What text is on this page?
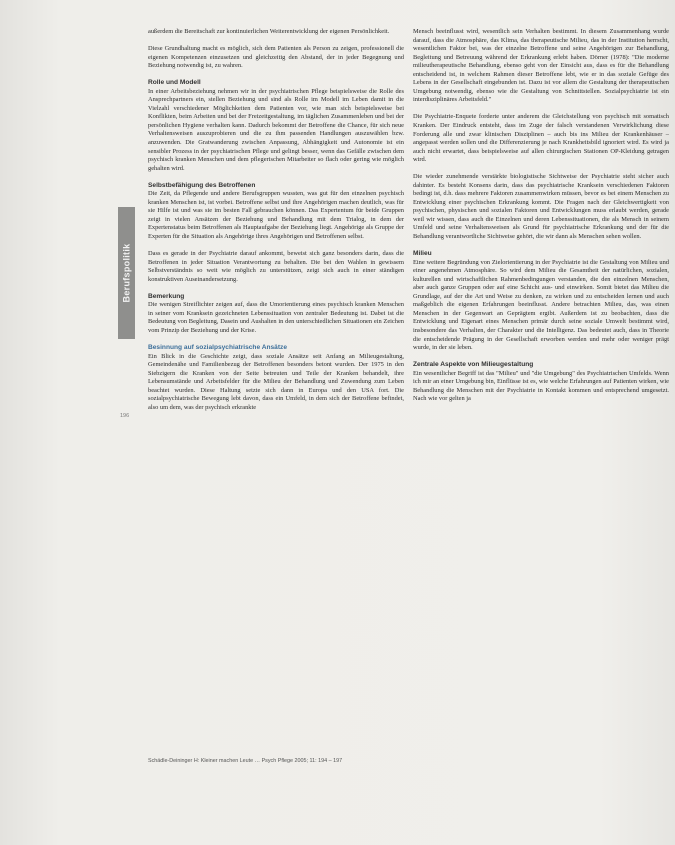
Berufspolitik
196

außerdem die Bereitschaft zur kontinuierlichen Weiterentwicklung der eigenen Persönlichkeit.

Diese Grundhaltung macht es möglich, sich dem Patienten als Person zu zeigen, professionell die eigenen Kompetenzen einzusetzen und gleichzeitig den Abstand, der in jeder Begegnung und Beziehung notwendig ist, zu wahren.

Rolle und Modell

In einer Arbeitsbeziehung nehmen wir in der psychiatrischen Pflege beispielsweise die Rolle des Ansprechpartners ein, stellen Beziehung und sind als Rolle im Modell im Leben damit in die Vielzahl verschiedener Möglichkeiten dem Patienten vor, wie man sich beispielsweise bei Konflikten, beim Arbeiten und bei der Freizeitgestaltung, im täglichen Zusammenleben und bei der persönlichen Hygiene verhalten kann. Dadurch bekommt der Betroffene die Chance, für sich neue Verhaltensweisen auszuprobieren und die zu ihm passenden Handlungen auszuwählen bzw. anzuwenden. Die Gratwanderung zwischen Anpassung, Abhängigkeit und Autonomie ist ein sensibler Prozess in der psychiatrischen Pflege und gelingt besser, wenn das Gefälle zwischen dem psychisch kranken Menschen und dem pflegerischen Mitarbeiter so flach oder gering wie möglich gehalten wird.

Selbstbefähigung des Betroffenen

Die Zeit, da Pflegende und andere Berufsgruppen wussten, was gut für den einzelnen psychisch kranken Menschen ist, ist vorbei. Betroffene selbst und ihre Angehörigen machen deutlich, was für sie Hilfe ist und was sie im besten Fall gebrauchen können. Das Expertentum für beide Gruppen zeigt in vielen Ansätzen der Beziehung und Behandlung mit dem Trialog, in dem der Expertenstatus beim Betroffenen als Hauptaufgabe der Beziehung liegt. Angehörige als Gruppe der Experten für die Situation als Angehörige ihres Angehörigen und Betroffenen selbst.

Dass es gerade in der Psychiatrie darauf ankommt, beweist sich ganz besonders darin, dass die Betroffenen in jeder Situation Verantwortung zu behalten. Die bei den Wahlen in gewissem Selbstverständnis so weit wie möglich zu unterstützen, zeigt sich auch in einer ständigen konstruktiven Auseinandersetzung.

Bemerkung

Die wenigen Streiflichter zeigen auf, dass die Umorientierung eines psychisch kranken Menschen in seiner vom Kranksein gezeichneten Lebenssituation von zentraler Bedeutung ist. Dabei ist die Bedeutung von Begleitung, Dasein und Aushalten in den unterschiedlichen Situationen ein Zeichen vom Prinzip der Beziehung und der Krise.

Besinnung auf sozialpsychiatrische Ansätze

Ein Blick in die Geschichte zeigt, dass soziale Ansätze seit Anfang an Milieugestaltung, Gemeindenähe und Familienbezug der Betroffenen besonders betont wurden. Der 1975 in den Siebzigern die Kranken von der Seite betreuten und Teile der Kranken behandelt, ihre Lebensumstände und Arbeitsfelder für die Milieu der Behandlung und Zuwendung zum Leben beachtet wurden. Diese Haltung setzte sich dann in Europa und den USA fort. Die sozialpsychiatrische Bewegung lebt davon, dass ein Umfeld, in dem sich der Betroffene befindet, also um dem, was der psychisch erkrankte

Mensch beeinflusst wird, wesentlich sein Verhalten bestimmt. In diesem Zusammenhang wurde darauf, dass die Atmosphäre, das Klima, das therapeutische Milieu, das in der Institution herrscht, wesentlichen Faktor bei, was der einzelne Betroffene und seine Angehörigen zur Behandlung, Begleitung und Betreuung während der Erkrankung erlebt haben. Dörner (1978): "Die moderne milieutherapeutische Behandlung, ebenso geht von der Einsicht aus, dass es für die Behandlung entscheidend ist, in welchem Rahmen dieser Betroffene lebt, wie er in das soziale Gefüge des Lebens in der Gesellschaft eingebunden ist. Dazu ist vor allem die Gestaltung der therapeutischen Umgebung notwendig, ebenso wie die Gestaltung von Schnittstellen. Sozialpsychiatrie ist ein interdisziplinäres Arbeitsfeld."

Die Psychiatrie-Enquete forderte unter anderem die Gleichstellung von psychisch mit somatisch Kranken. Der Eindruck entsteht, dass im Zuge der falsch verstandenen Verwirklichung diese Forderung alle und zwar klinischen Disziplinen – auch bis ins Milieu der Krankenhäuser – angepasst werden sollen und die Differenzierung je nach Krankheitsbild ignoriert wird. Es wird ja auch nicht erwartet, dass beispielsweise auf allen chirurgischen Stationen OP-Kleidung getragen wird.

Die wieder zunehmende verstärkte biologistische Sichtweise der Psychiatrie steht sicher auch dahinter. Es besteht Konsens darin, dass das psychiatrische Kranksein verschiedenen Faktoren bedingt ist, d.h. dass mehrere Faktoren zusammenwirken müssen, bevor es bei einem Menschen zu Entwicklung einer psychischen Erkrankung kommt. Die Fragen nach der Gleichwertigkeit von psychischen, physischen und sozialen Faktoren und Entwicklungen muss erlaubt werden, gerade weil wir wissen, dass auch die Einzelnen und deren Lebenssituationen, die als Mensch in seinem Umfeld und seine Verhaltensweisen als Grund für psychiatrische Erkrankung und der für die Behandlung verantwortliche Sichtweise gehört, die wir dann als Menschen sehen wollen.

Milieu

Eine weitere Begründung von Zielorientierung in der Psychiatrie ist die Gestaltung von Milieu und einer angenehmen Atmosphäre. So wird dem Milieu die Gesamtheit der natürlichen, sozialen, kulturellen und wirtschaftlichen Rahmenbedingungen verstanden, die den einzelnen Menschen, aber auch ganze Gruppen oder auf eine Schicht aus- und einwirken. Somit bietet das Milieu die Grundlage, auf der die Art und Weise zu denken, zu wirken und zu entscheiden lernen und auch maßgeblich die eigenen Erfahrungen beeinflusst. Andere betrachten Milieu, das, was einen Menschen in der Gegenwart an Geprägtem ergibt. Außerdem ist zu beobachten, dass die Entwicklung und Eigenart eines Menschen primär durch seine soziale Umwelt bestimmt wird, insbesondere das Verhalten, der Charakter und die Intelligenz. Das bedeutet auch, dass in Theorie die entscheidende Prägung in der Gesellschaft erworben werden und mehr oder weniger prägt wurde, in der sie leben.

Zentrale Aspekte von Milieugestaltung

Ein wesentlicher Begriff ist das "Milieu" und "die Umgebung" des Psychiatrischen Umfelds. Wenn ich mir an einer Umgebung bin, Einflüsse ist es, wie welche Erfahrungen auf Patienten wirken, wie Behandlung die Menschen mit der Psychiatrie in Kontakt kommen und entsprechend umgesetzt. Nach wie vor gelten ja

Schädle-Deininger H: Kleiner machen Leute … Psych Pflege 2005; 11: 194 – 197
